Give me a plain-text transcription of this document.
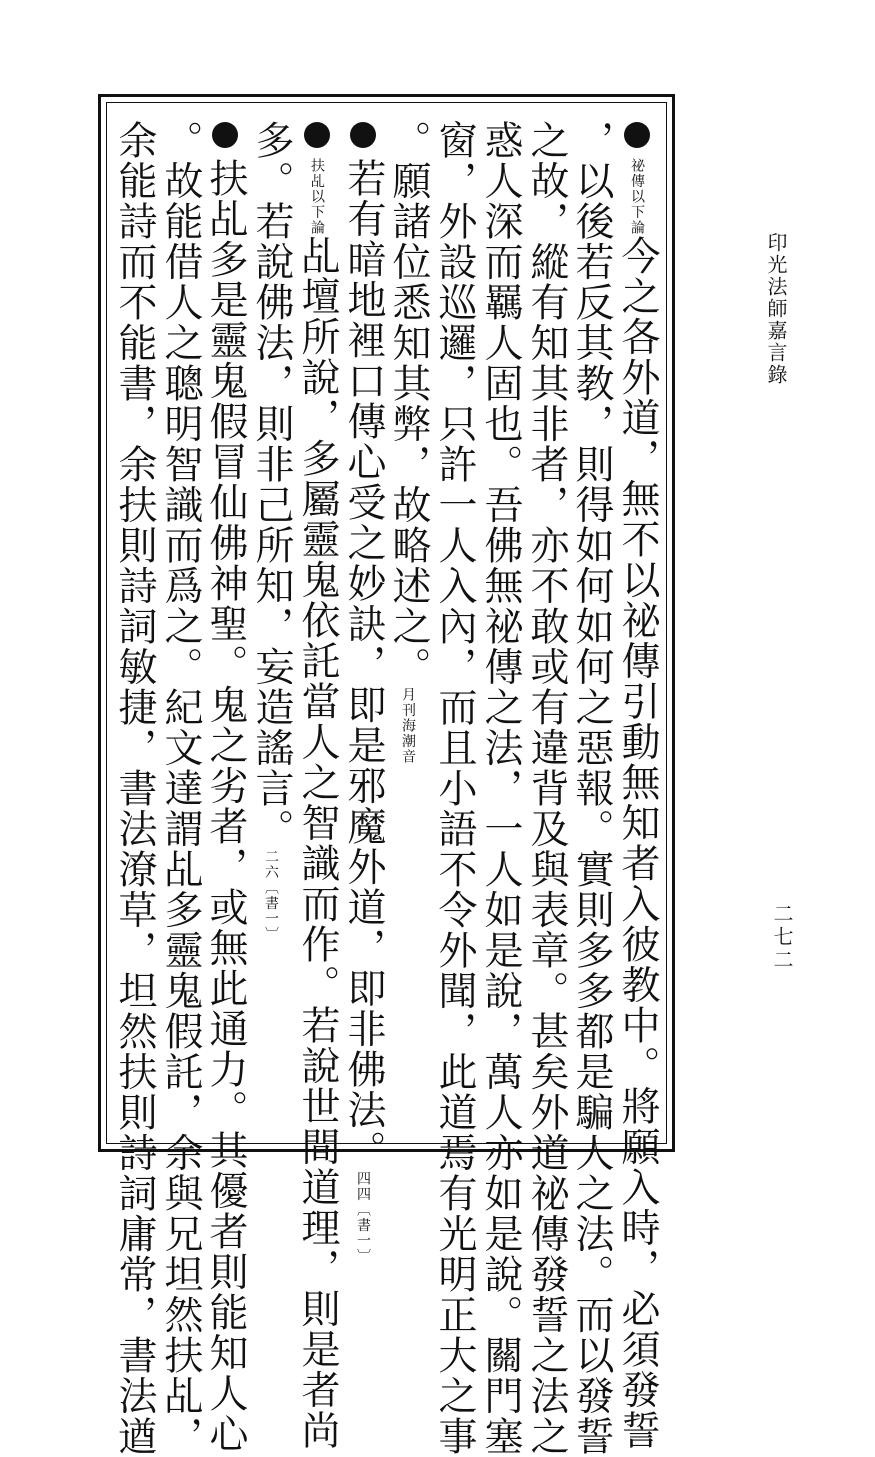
印光法師嘉言錄
二七二
以下論
祕傳
今之各外道，無不以祕傳引動無知者入彼教中。將願入時，必須發誓
，以後若反其教，則得如何如何之惡報。實則多多都是騙人之法。而以發誓
之故，縱有知其非者，亦不敢或有違背及與表章。甚矣外道祕傳發誓之法之
惑人深而羈人固也。吾佛無祕傳之法，一人如是說，萬人亦如是說。關門塞
窗，外設巡邏，只許一人入內，而且小語不令外聞，此道焉有光明正大之事
。願諸位悉知其弊，故略述之。
海潮音
月刊
若有暗地裡口傳心受之妙訣，即是邪魔外道，即非佛法。
〔書一〕
四四
以下論
扶乩
乩壇所說，多屬靈鬼依託當人之智識而作。若說世間道理，則是者尚
多。若說佛法，則非己所知，妄造謠言。
〔書一〕
二六
扶乩多是靈鬼假冒仙佛神聖。鬼之劣者，或無此通力。其優者則能知人心
。故能借人之聰明智識而爲之。紀文達謂乩多靈鬼假託，余與兄坦然扶乩，
余能詩而不能書，余扶則詩詞敏捷，書法潦草，坦然扶則詩詞庸常，書法遒
